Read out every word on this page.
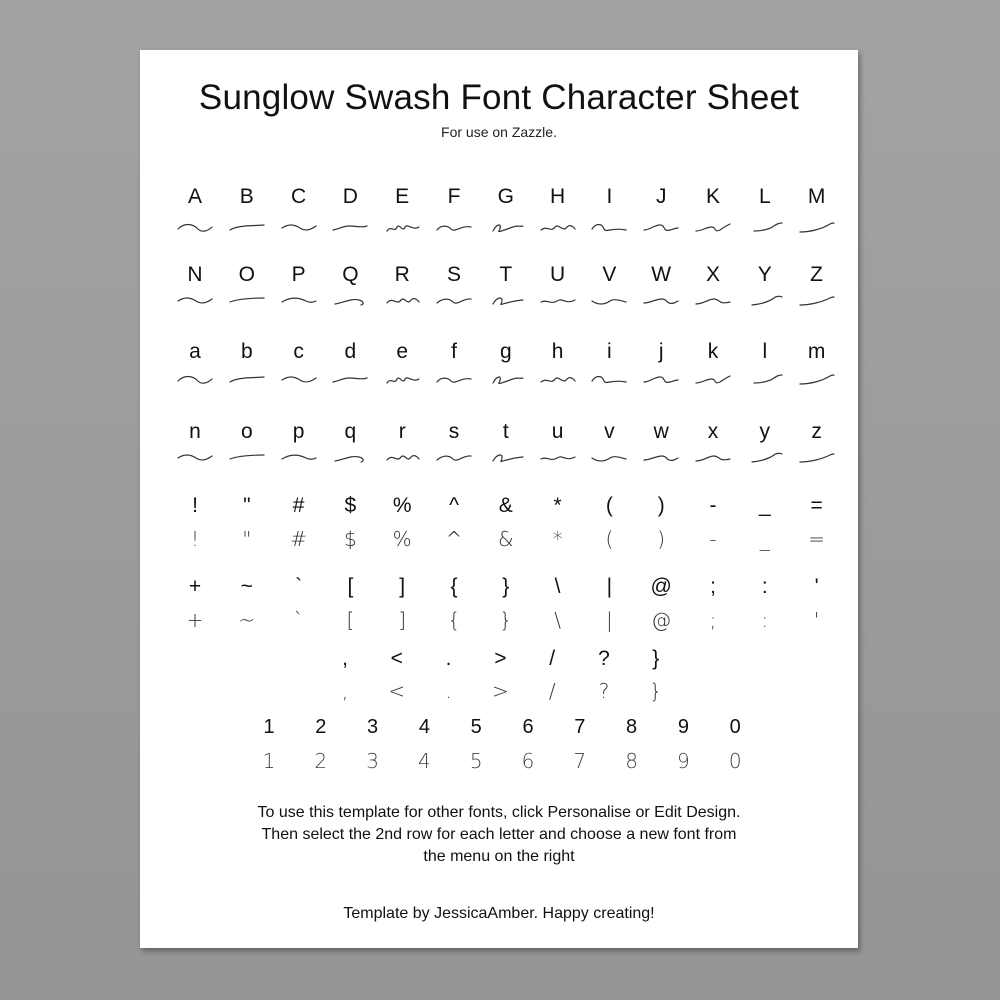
Sunglow Swash Font Character Sheet
For use on Zazzle.
A	B	C	D	E	F	G	H	I	J	K	L	M
N	O	P	Q	R	S	T	U	V	W	X	Y	Z
a	b	c	d	e	f	g	h	i	j	k	l	m
n	o	p	q	r	s	t	u	v	w	x	y	z
!	"	#	$	%	^	&	*	(	)	-	_	=
!	"	#	$	%	^	&	*	(	)	-	_	=
+	~	`	[	]	{	}	\	|	@	;	:	'
+	~	`	[	]	{	}	\	|	@	;	:	'
,	<	.	>	/	?	}
,	<	.	>	/	?	}
1	2	3	4	5	6	7	8	9	0
1	2	3	4	5	6	7	8	9	0
To use this template for other fonts, click Personalise or Edit Design.
Then select the 2nd row for each letter and choose a new font from
the menu on the right
Template by JessicaAmber. Happy creating!
